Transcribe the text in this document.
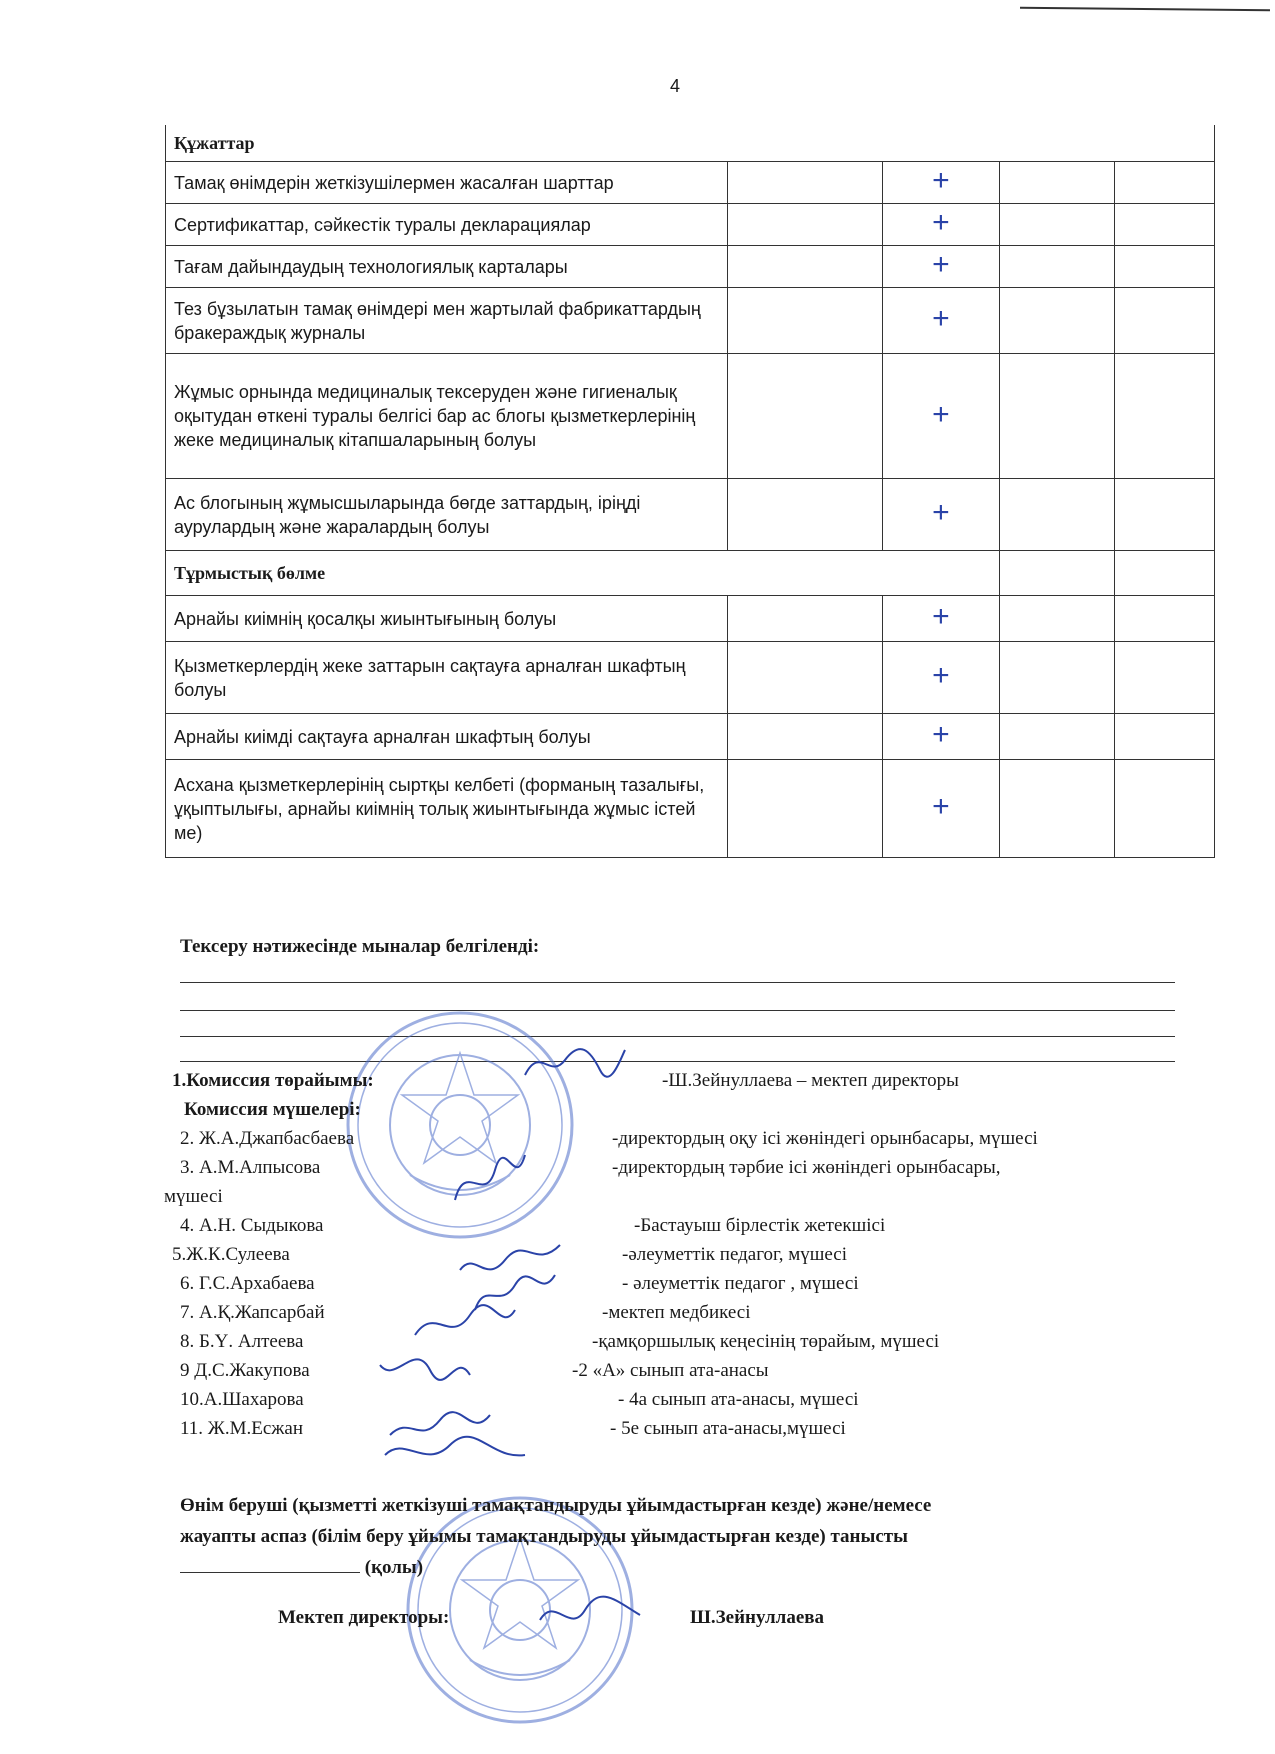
4
Құжаттар				
Тамақ өнімдерін жеткізушілермен жасалған шарттар		+		
Сертификаттар, сәйкестік туралы декларациялар		+		
Тағам дайындаудың технологиялық карталары		+		
Тез бұзылатын тамақ өнімдері мен жартылай фабрикаттардың бракераждық журналы		+		
Жұмыс орнында медициналық тексеруден және гигиеналық оқытудан өткені туралы белгісі бар ас блогы қызметкерлерінің жеке медициналық кітапшаларының болуы		+		
Ас блогының жұмысшыларында бөгде заттардың, іріңді аурулардың және жаралардың болуы		+		
Тұрмыстық бөлме				
Арнайы киімнің қосалқы жиынтығының болуы		+		
Қызметкерлердің жеке заттарын сақтауға арналған шкафтың болуы		+		
Арнайы киімді сақтауға арналған шкафтың болуы		+		
Асхана қызметкерлерінің сыртқы келбеті (форманың тазалығы, ұқыптылығы, арнайы киімнің толық жиынтығында жұмыс істей ме)		+		
Тексеру нәтижесінде мыналар белгіленді:
1.Комиссия төрайымы:	-Ш.Зейнуллаева – мектеп директоры
Комиссия мүшелері:
2. Ж.А.Джапбасбаева	-директордың оқу ісі жөніндегі орынбасары, мүшесі
3. А.М.Алпысова	-директордың тәрбие ісі жөніндегі орынбасары,
мүшесі
4. А.Н. Сыдыкова	-Бастауыш бірлестік жетекшісі
5.Ж.К.Сулеева	-әлеуметтік педагог, мүшесі
6. Г.С.Архабаева	- әлеуметтік педагог , мүшесі
7. А.Қ.Жапсарбай	-мектеп медбикесі
8. Б.Ү. Алтеева	-қамқоршылық кеңесінің төрайым, мүшесі
9 Д.С.Жакупова	-2 «А» сынып ата-анасы
10.А.Шахарова	- 4а сынып ата-анасы, мүшесі
11. Ж.М.Есжан	- 5е сынып ата-анасы,мүшесі
Өнім беруші (қызметті жеткізуші тамақтандыруды ұйымдастырған кезде) және/немесе
жауапты аспаз (білім беру ұйымы тамақтандыруды ұйымдастырған кезде) танысты
(қолы)
Мектеп директоры:	Ш.Зейнуллаева
